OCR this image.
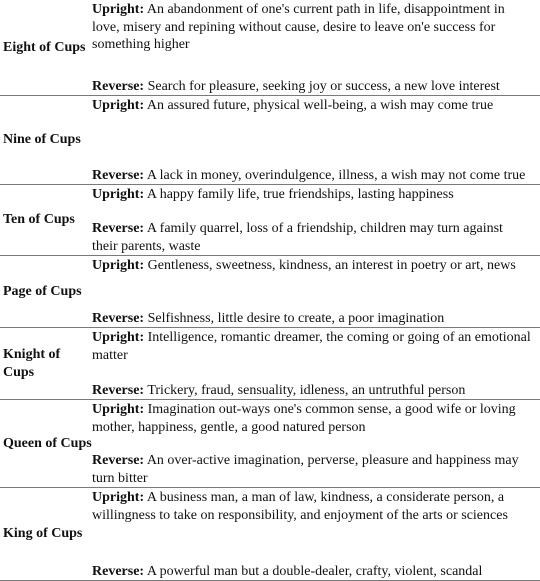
Eight of Cups
Upright: An abandonment of one's current path in life, disappointment in love, misery and repining without cause, desire to leave on'e success for something higher
Reverse: Search for pleasure, seeking joy or success, a new love interest
Nine of Cups
Upright: An assured future, physical well-being, a wish may come true
Reverse: A lack in money, overindulgence, illness, a wish may not come true
Ten of Cups
Upright: A happy family life, true friendships, lasting happiness
Reverse: A family quarrel, loss of a friendship, children may turn against their parents, waste
Page of Cups
Upright: Gentleness, sweetness, kindness, an interest in poetry or art, news
Reverse: Selfishness, little desire to create, a poor imagination
Knight of Cups
Upright: Intelligence, romantic dreamer, the coming or going of an emotional matter
Reverse: Trickery, fraud, sensuality, idleness, an untruthful person
Queen of Cups
Upright: Imagination out-ways one's common sense, a good wife or loving mother, happiness, gentle, a good natured person
Reverse: An over-active imagination, perverse, pleasure and happiness may turn bitter
King of Cups
Upright: A business man, a man of law, kindness, a considerate person, a willingness to take on responsibility, and enjoyment of the arts or sciences
Reverse: A powerful man but a double-dealer, crafty, violent, scandal
